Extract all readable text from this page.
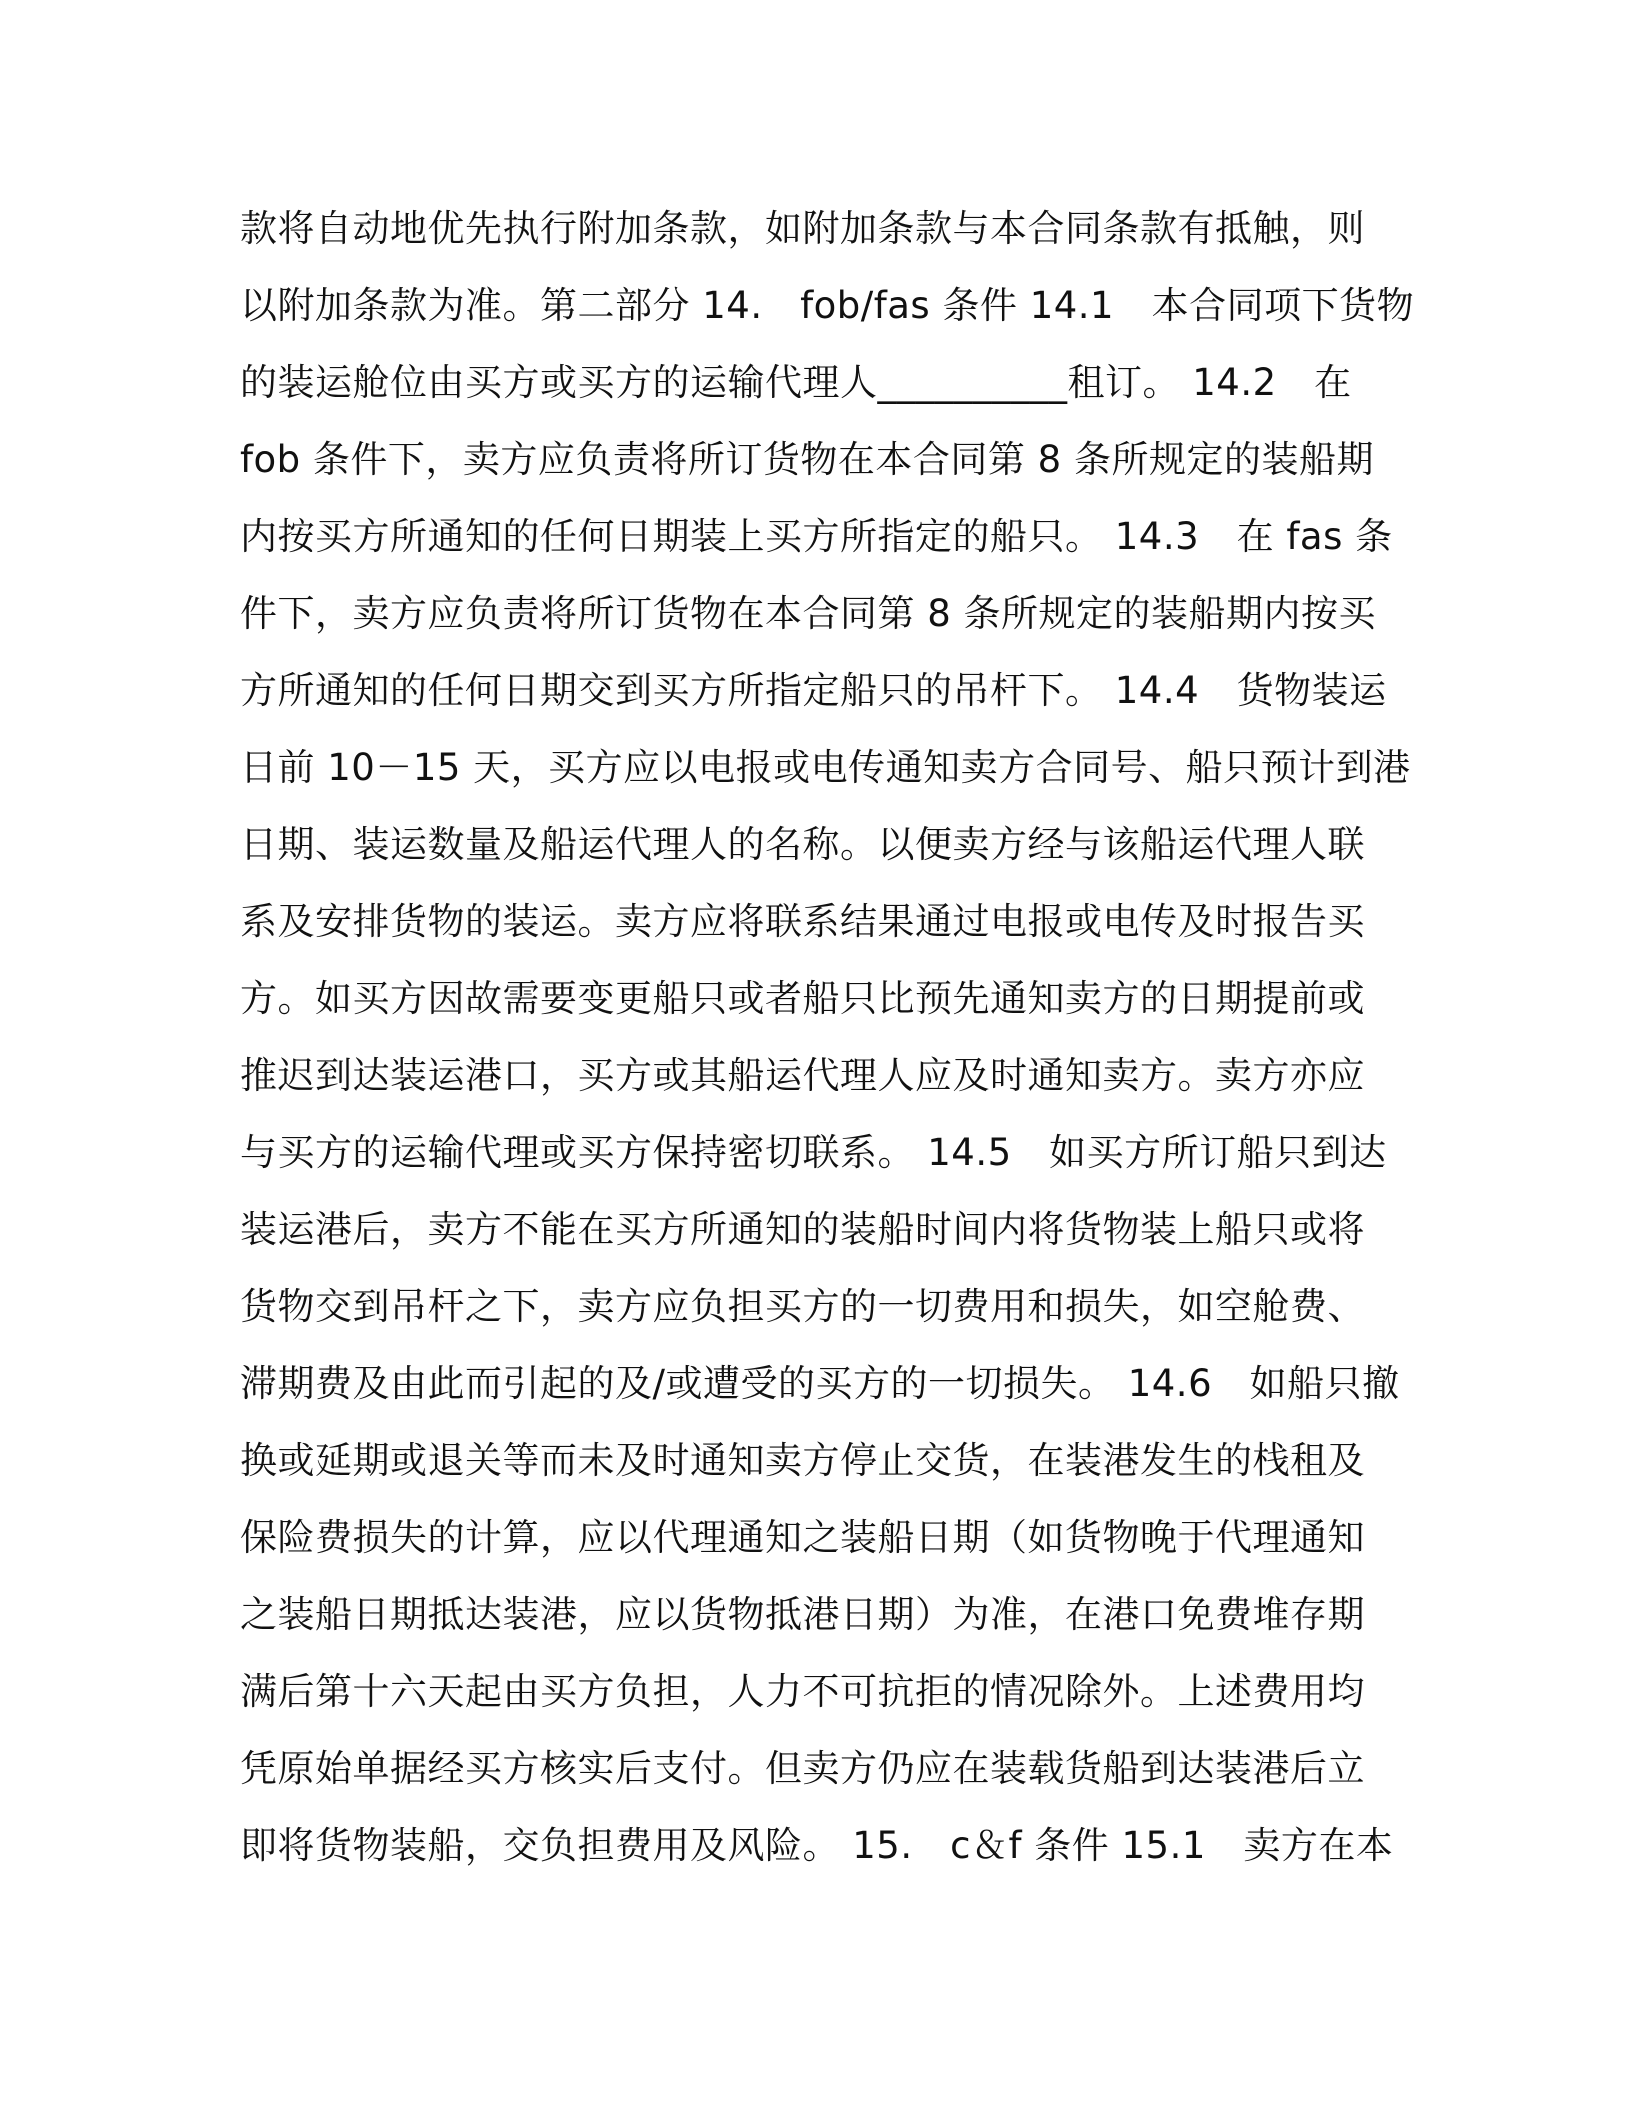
款将自动地优先执行附加条款，如附加条款与本合同条款有抵触，则
以附加条款为准。第二部分 14.　fob/fas 条件 14.1　本合同项下货物
的装运舱位由买方或买方的运输代理人__________租订。 14.2　在
fob 条件下，卖方应负责将所订货物在本合同第 8 条所规定的装船期
内按买方所通知的任何日期装上买方所指定的船只。 14.3　在 fas 条
件下，卖方应负责将所订货物在本合同第 8 条所规定的装船期内按买
方所通知的任何日期交到买方所指定船只的吊杆下。 14.4　货物装运
日前 10－15 天，买方应以电报或电传通知卖方合同号、船只预计到港
日期、装运数量及船运代理人的名称。以便卖方经与该船运代理人联
系及安排货物的装运。卖方应将联系结果通过电报或电传及时报告买
方。如买方因故需要变更船只或者船只比预先通知卖方的日期提前或
推迟到达装运港口，买方或其船运代理人应及时通知卖方。卖方亦应
与买方的运输代理或买方保持密切联系。 14.5　如买方所订船只到达
装运港后，卖方不能在买方所通知的装船时间内将货物装上船只或将
货物交到吊杆之下，卖方应负担买方的一切费用和损失，如空舱费、
滞期费及由此而引起的及/或遭受的买方的一切损失。 14.6　如船只撤
换或延期或退关等而未及时通知卖方停止交货，在装港发生的栈租及
保险费损失的计算，应以代理通知之装船日期（如货物晚于代理通知
之装船日期抵达装港，应以货物抵港日期）为准，在港口免费堆存期
满后第十六天起由买方负担，人力不可抗拒的情况除外。上述费用均
凭原始单据经买方核实后支付。但卖方仍应在装载货船到达装港后立
即将货物装船，交负担费用及风险。 15.　c＆f 条件 15.1　卖方在本
